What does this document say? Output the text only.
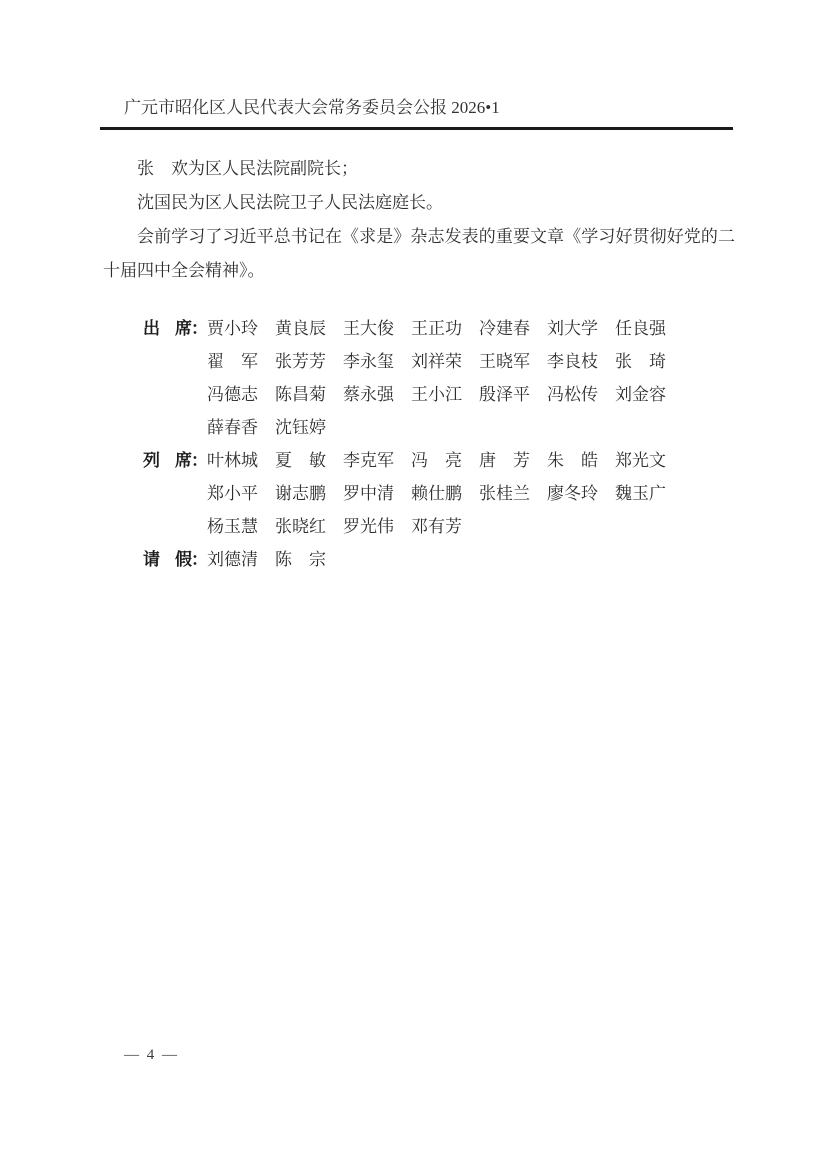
广元市昭化区人民代表大会常务委员会公报 2026•1

张　欢为区人民法院副院长；

沈国民为区人民法院卫子人民法庭庭长。

会前学习了习近平总书记在《求是》杂志发表的重要文章《学习好贯彻好党的二十届四中全会精神》。

出　席： 贾小玲 黄良辰 王大俊 王正功 冷建春 刘大学 任良强
翟　军 张芳芳 李永玺 刘祥荣 王晓军 李良枝 张　琦
冯德志 陈昌菊 蔡永强 王小江 殷泽平 冯松传 刘金容
薛春香 沈钰婷
列　席： 叶林城 夏　敏 李克军 冯　亮 唐　芳 朱　皓 郑光文
郑小平 谢志鹏 罗中清 赖仕鹏 张桂兰 廖冬玲 魏玉广
杨玉慧 张晓红 罗光伟 邓有芳
请　假： 刘德清 陈　宗
— 4 —
